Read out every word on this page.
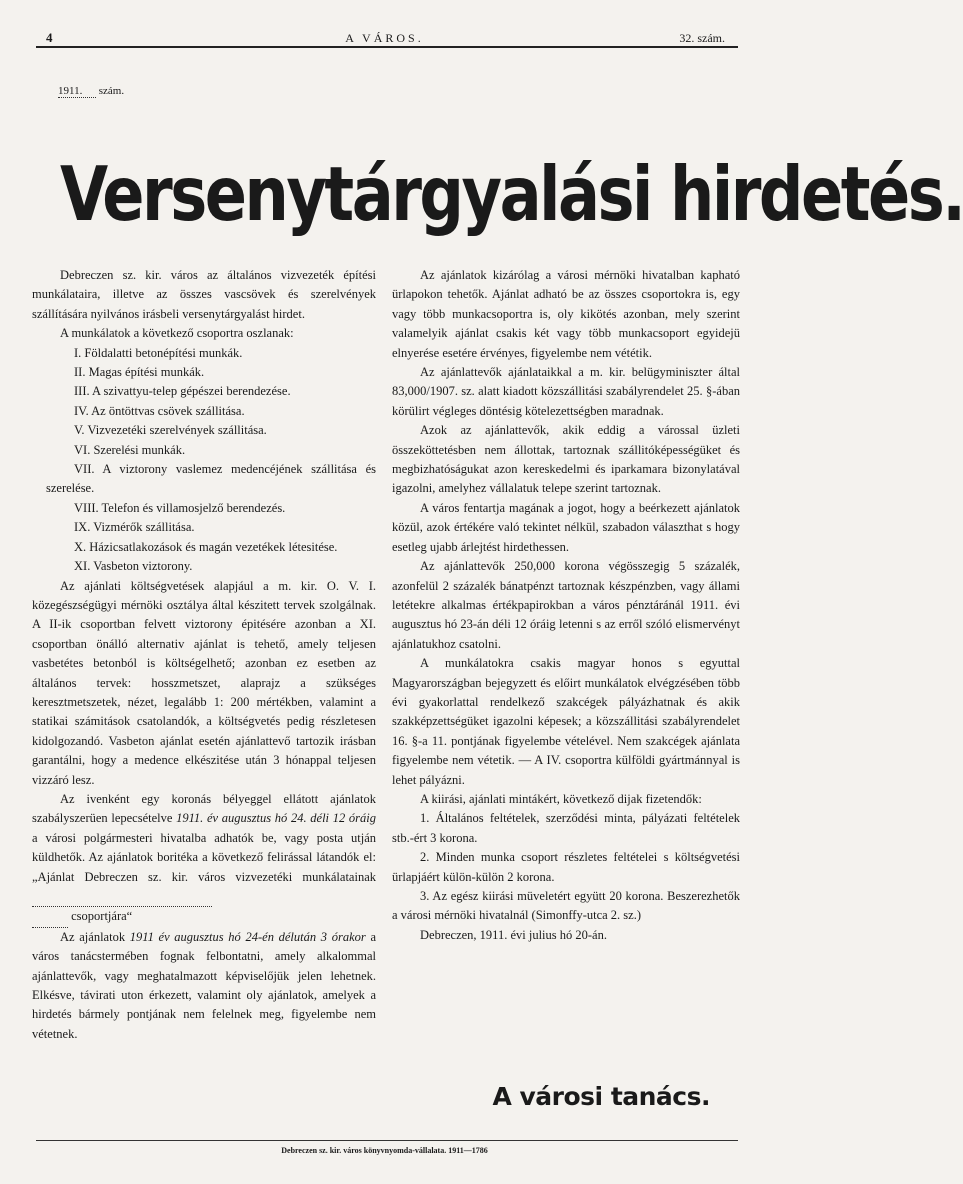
4	A VÁROS.	32. szám.
1911. szám.
Versenytárgyalási hirdetés.

Debreczen sz. kir. város az általános vizvezeték építési munkálataira, illetve az összes vascsövek és szerelvények szállítására nyilvános irásbeli versenytárgyalást hirdet.

A munkálatok a következő csoportra oszlanak:

I. Földalatti betonépítési munkák.

II. Magas építési munkák.

III. A szivattyu-telep gépészei berendezése.

IV. Az öntöttvas csövek szállitása.

V. Vizvezetéki szerelvények szállitása.

VI. Szerelési munkák.

VII. A viztorony vaslemez medencéjének szállitása és szerelése.

VIII. Telefon és villamosjelző berendezés.

IX. Vizmérők szállitása.

X. Házicsatlakozások és magán vezetékek létesitése.

XI. Vasbeton viztorony.

Az ajánlati költségvetések alapjául a m. kir. O. V. I. közegészségügyi mérnöki osztálya által készitett tervek szolgálnak. A II-ik csoportban felvett viztorony épitésére azonban a XI. csoportban önálló alternativ ajánlat is tehető, amely teljesen vasbetétes betonból is költségelhető; azonban ez esetben az általános tervek: hosszmetszet, alaprajz a szükséges keresztmetszetek, nézet, legalább 1: 200 mértékben, valamint a statikai számitások csatolandók, a költségvetés pedig részletesen kidolgozandó. Vasbeton ajánlat esetén ajánlattevő tartozik irásban garantálni, hogy a medence elkészitése után 3 hónappal teljesen vizzáró lesz.

Az ivenként egy koronás bélyeggel ellátott ajánlatok szabályszerüen lepecsételve 1911. év augusztus hó 24. déli 12 óráig a városi polgármesteri hivatalba adhatók be, vagy posta utján küldhetők. Az ajánlatok boritéka a következő felirással látandók el: „Ajánlat Debreczen sz. kir. város vizvezetéki munkálatainak
csoportjára“

Az ajánlatok 1911 év augusztus hó 24-én délután 3 órakor a város tanácstermében fognak felbontatni, amely alkalommal ajánlattevők, vagy meghatalmazott képviselőjük jelen lehetnek. Elkésve, távirati uton érkezett, valamint oly ajánlatok, amelyek a hirdetés bármely pontjának nem felelnek meg, figyelembe nem vétetnek.

Az ajánlatok kizárólag a városi mérnöki hivatalban kapható ürlapokon tehetők. Ajánlat adható be az összes csoportokra is, egy vagy több munkacsoportra is, oly kikötés azonban, mely szerint valamelyik ajánlat csakis két vagy több munkacsoport egyidejü elnyerése esetére érvényes, figyelembe nem vététik.

Az ajánlattevők ajánlataikkal a m. kir. belügyminiszter által 83,000/1907. sz. alatt kiadott közszállitási szabályrendelet 25. §-ában körülirt végleges döntésig kötelezettségben maradnak.

Azok az ajánlattevők, akik eddig a várossal üzleti összeköttetésben nem állottak, tartoznak szállitóképességüket és megbizhatóságukat azon kereskedelmi és iparkamara bizonylatával igazolni, amelyhez vállalatuk telepe szerint tartoznak.

A város fentartja magának a jogot, hogy a beérkezett ajánlatok közül, azok értékére való tekintet nélkül, szabadon választhat s hogy esetleg ujabb árlejtést hirdethessen.

Az ajánlattevők 250,000 korona végösszegig 5 százalék, azonfelül 2 százalék bánatpénzt tartoznak készpénzben, vagy állami letétekre alkalmas értékpapirokban a város pénztáránál 1911. évi augusztus hó 23-án déli 12 óráig letenni s az erről szóló elismervényt ajánlatukhoz csatolni.

A munkálatokra csakis magyar honos s egyuttal Magyarországban bejegyzett és előirt munkálatok elvégzésében több évi gyakorlattal rendelkező szakcégek pályázhatnak és akik szakképzettségüket igazolni képesek; a közszállitási szabályrendelet 16. §-a 11. pontjának figyelembe vételével. Nem szakcégek ajánlata figyelembe nem vétetik. — A IV. csoportra külföldi gyártmánnyal is lehet pályázni.

A kiirási, ajánlati mintákért, következő dijak fizetendők:

1. Általános feltételek, szerződési minta, pályázati feltételek stb.-ért 3 korona.

2. Minden munka csoport részletes feltételei s költségvetési ürlapjáért külön-külön 2 korona.

3. Az egész kiirási müveletért együtt 20 korona. Beszerezhetők a városi mérnöki hivatalnál (Simonffy-utca 2. sz.)

Debreczen, 1911. évi julius hó 20-án.

A városi tanács.
Debreczen sz. kir. város könyvnyomda-vállalata. 1911—1786
